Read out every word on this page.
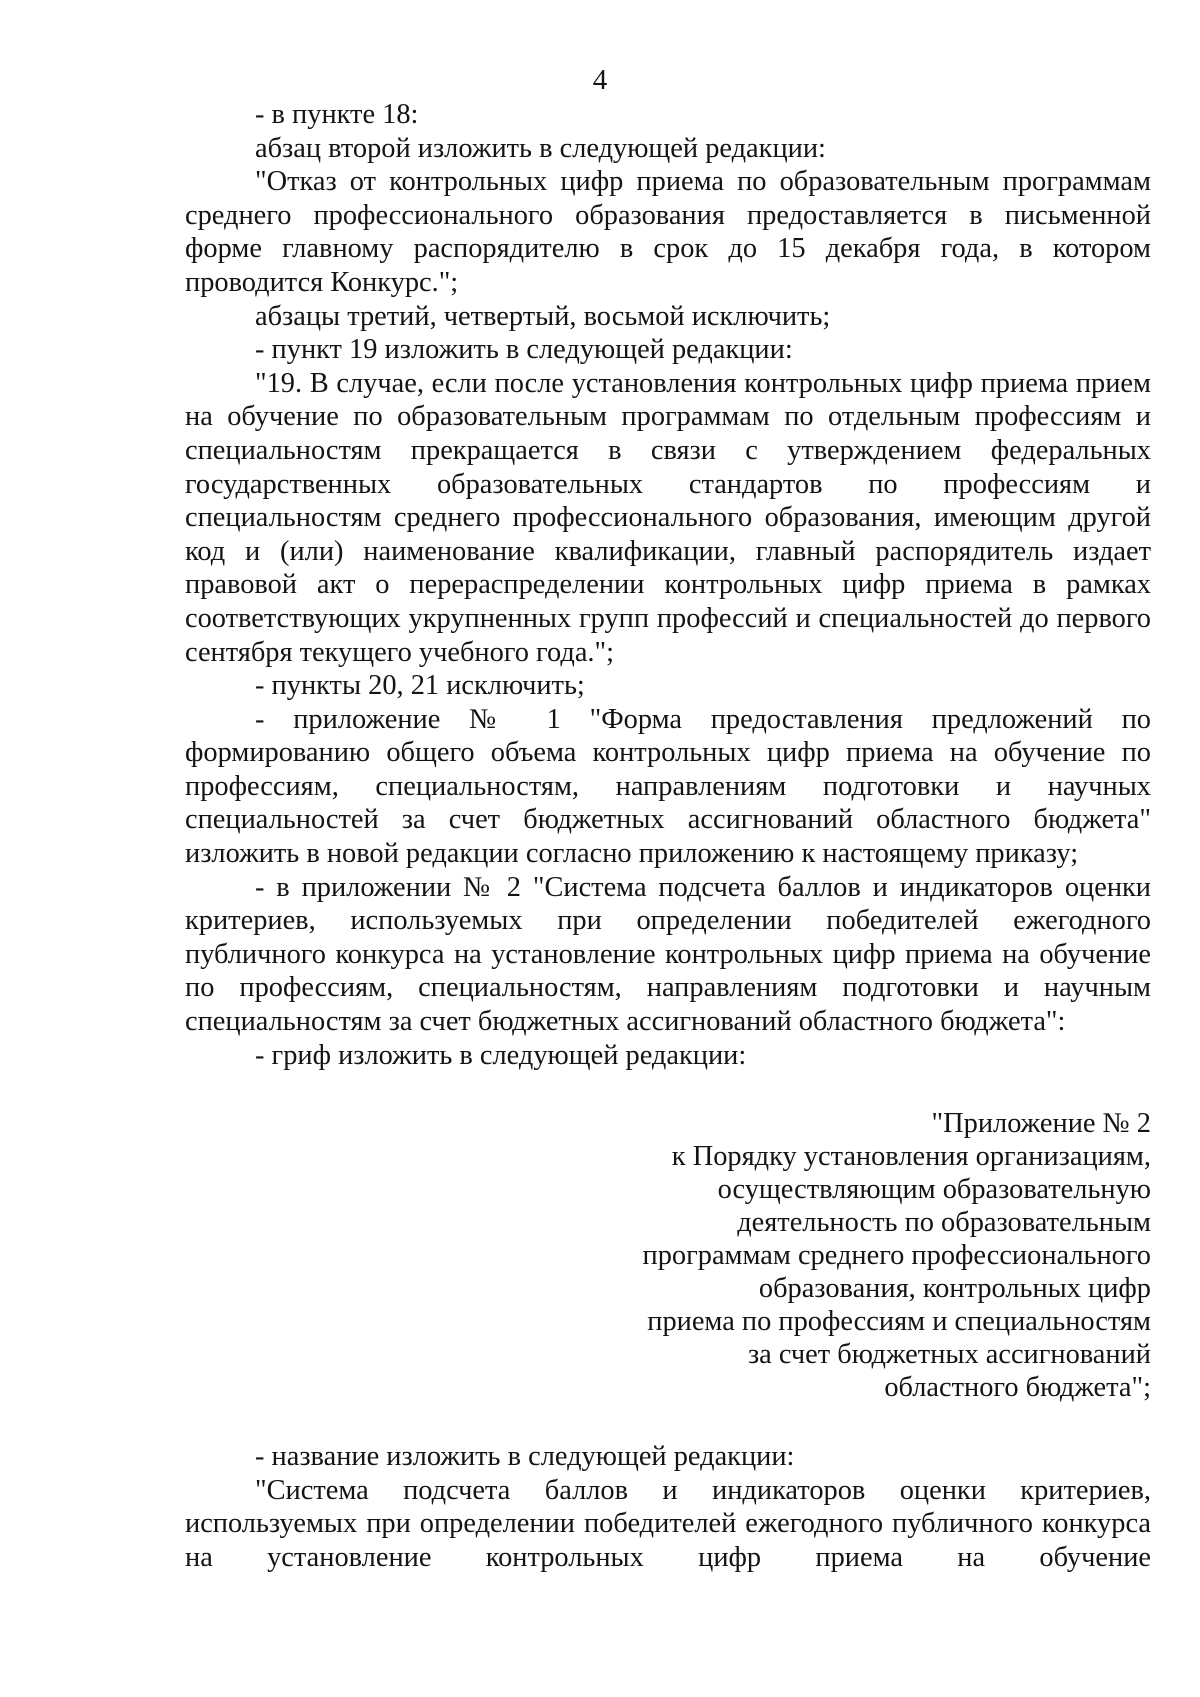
4

- в пункте 18:

абзац второй изложить в следующей редакции:

"Отказ от контрольных цифр приема по образовательным программам среднего профессионального образования предоставляется в письменной форме главному распорядителю в срок до 15 декабря года, в котором проводится Конкурс.";

абзацы третий, четвертый, восьмой исключить;

- пункт 19 изложить в следующей редакции:

"19. В случае, если после установления контрольных цифр приема прием на обучение по образовательным программам по отдельным профессиям и специальностям прекращается в связи с утверждением федеральных государственных образовательных стандартов по профессиям и специальностям среднего профессионального образования, имеющим другой код и (или) наименование квалификации, главный распорядитель издает правовой акт о перераспределении контрольных цифр приема в рамках соответствующих укрупненных групп профессий и специальностей до первого сентября текущего учебного года.";

- пункты 20, 21 исключить;

- приложение № 1 "Форма предоставления предложений по формированию общего объема контрольных цифр приема на обучение по профессиям, специальностям, направлениям подготовки и научных специальностей за счет бюджетных ассигнований областного бюджета" изложить в новой редакции согласно приложению к настоящему приказу;

- в приложении № 2 "Система подсчета баллов и индикаторов оценки критериев, используемых при определении победителей ежегодного публичного конкурса на установление контрольных цифр приема на обучение по профессиям, специальностям, направлениям подготовки и научным специальностям за счет бюджетных ассигнований областного бюджета":

- гриф изложить в следующей редакции:

"Приложение № 2
к Порядку установления организациям,
осуществляющим образовательную
деятельность по образовательным
программам среднего профессионального
образования, контрольных цифр
приема по профессиям и специальностям
за счет бюджетных ассигнований
областного бюджета";

- название изложить в следующей редакции:

"Система подсчета баллов и индикаторов оценки критериев, используемых при определении победителей ежегодного публичного конкурса на установление контрольных цифр приема на обучение
